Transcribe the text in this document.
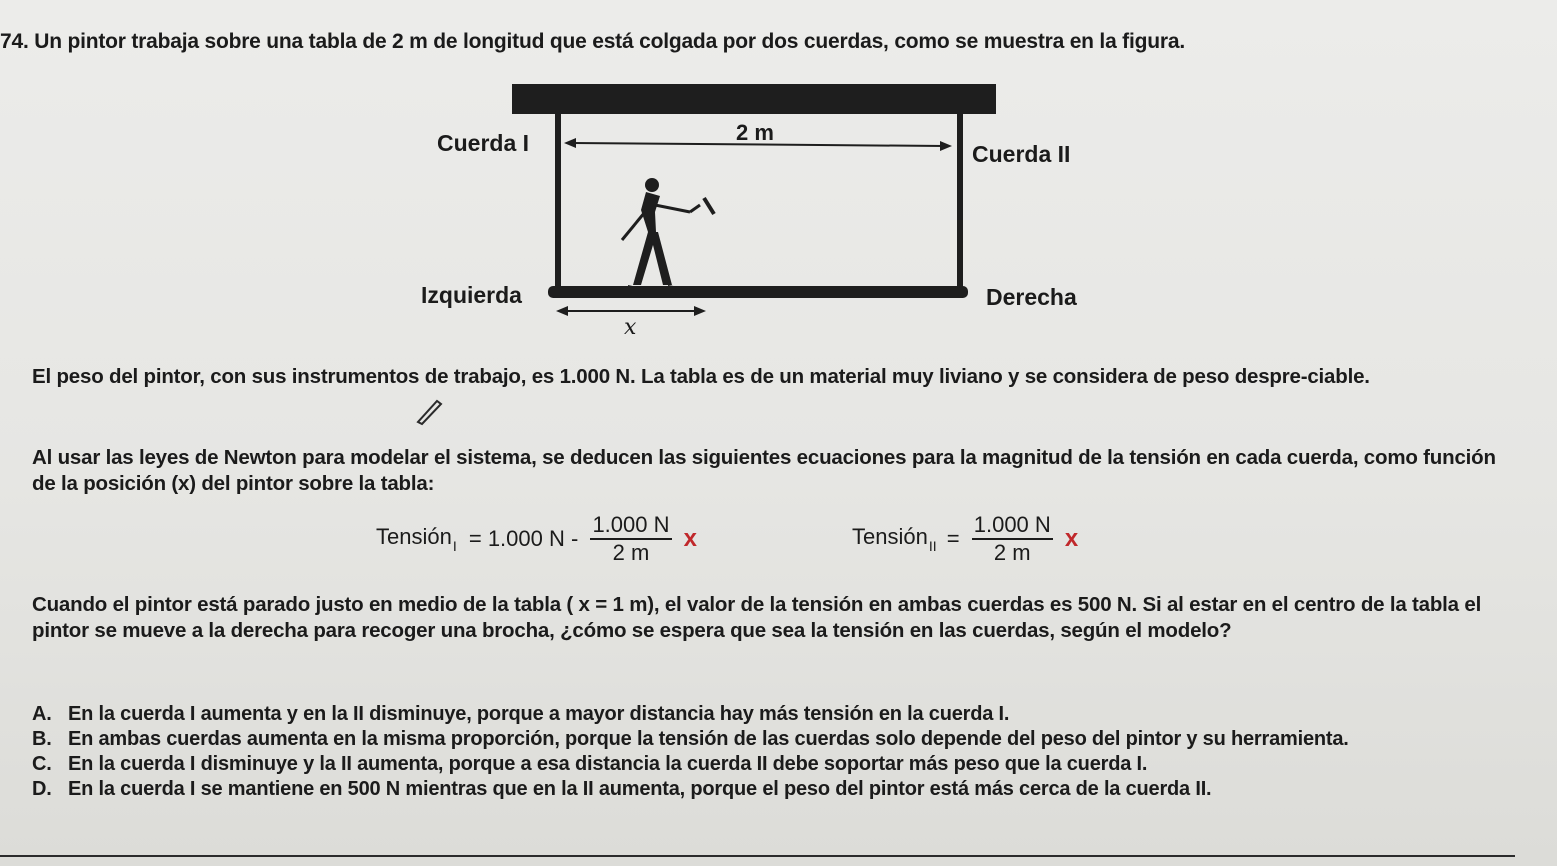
74. Un pintor trabaja sobre una tabla de 2 m de longitud que está colgada por dos cuerdas, como se muestra en la figura.
Cuerda I	Cuerda II
2 m
Izquierda	Derecha
x
El peso del pintor, con sus instrumentos de trabajo, es 1.000 N. La tabla es de un material muy liviano y se considera de peso despre-ciable.
Al usar las leyes de Newton para modelar el sistema, se deducen las siguientes ecuaciones para la magnitud de la tensión en cada cuerda, como función de la posición (x) del pintor sobre la tabla:
Tensión$_I$ = 1.000 N - $\frac{1.000 N}{2 m}$ x	Tensión$_{II}$ = $\frac{1.000 N}{2 m}$ x
Cuando el pintor está parado justo en medio de la tabla ( x = 1 m), el valor de la tensión en ambas cuerdas es 500 N. Si al estar en el centro de la tabla el pintor se mueve a la derecha para recoger una brocha, ¿cómo se espera que sea la tensión en las cuerdas, según el modelo?
A. En la cuerda I aumenta y en la II disminuye, porque a mayor distancia hay más tensión en la cuerda I.
B. En ambas cuerdas aumenta en la misma proporción, porque la tensión de las cuerdas solo depende del peso del pintor y su herramienta.
C. En la cuerda I disminuye y la II aumenta, porque a esa distancia la cuerda II debe soportar más peso que la cuerda I.
D. En la cuerda I se mantiene en 500 N mientras que en la II aumenta, porque el peso del pintor está más cerca de la cuerda II.
